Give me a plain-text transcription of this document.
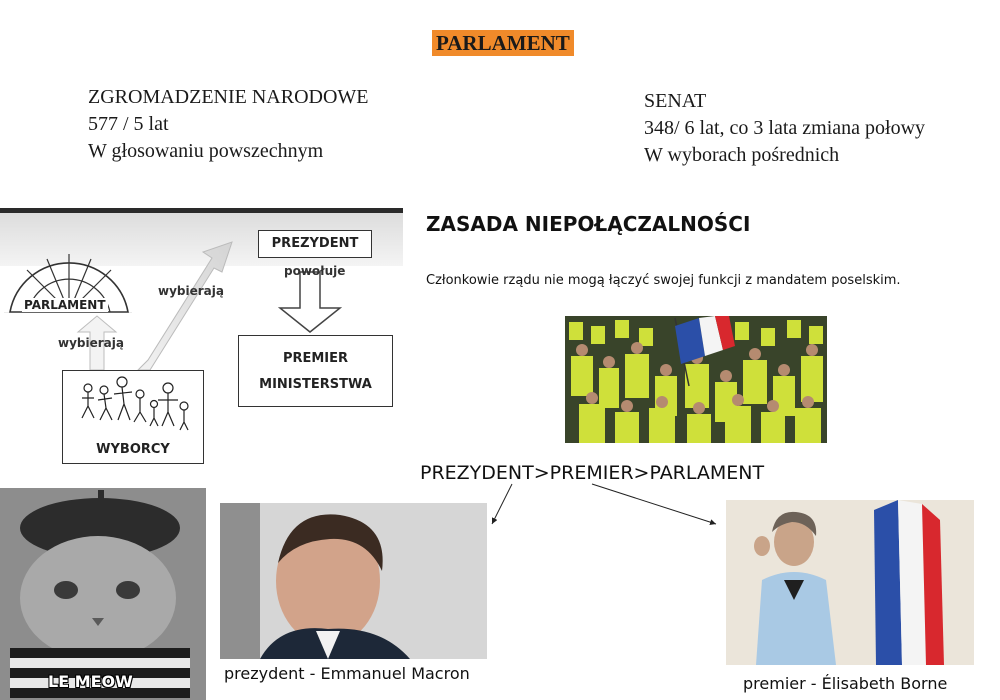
PARLAMENT
ZGROMADZENIE NARODOWE
577 / 5 lat
W głosowaniu powszechnym
SENAT
348/ 6 lat, co 3 lata zmiana połowy
W wyborach pośrednich
PREZYDENT
powołuje
PARLAMENT
wybierają
wybierają
PREMIER
MINISTERSTWA
WYBORCY
ZASADA NIEPOŁĄCZALNOŚCI
Członkowie rządu nie mogą łączyć swojej funkcji z mandatem poselskim.
PREZYDENT>PREMIER>PARLAMENT
LE MEOW	prezydent - Emmanuel Macron
premier - Élisabeth Borne
